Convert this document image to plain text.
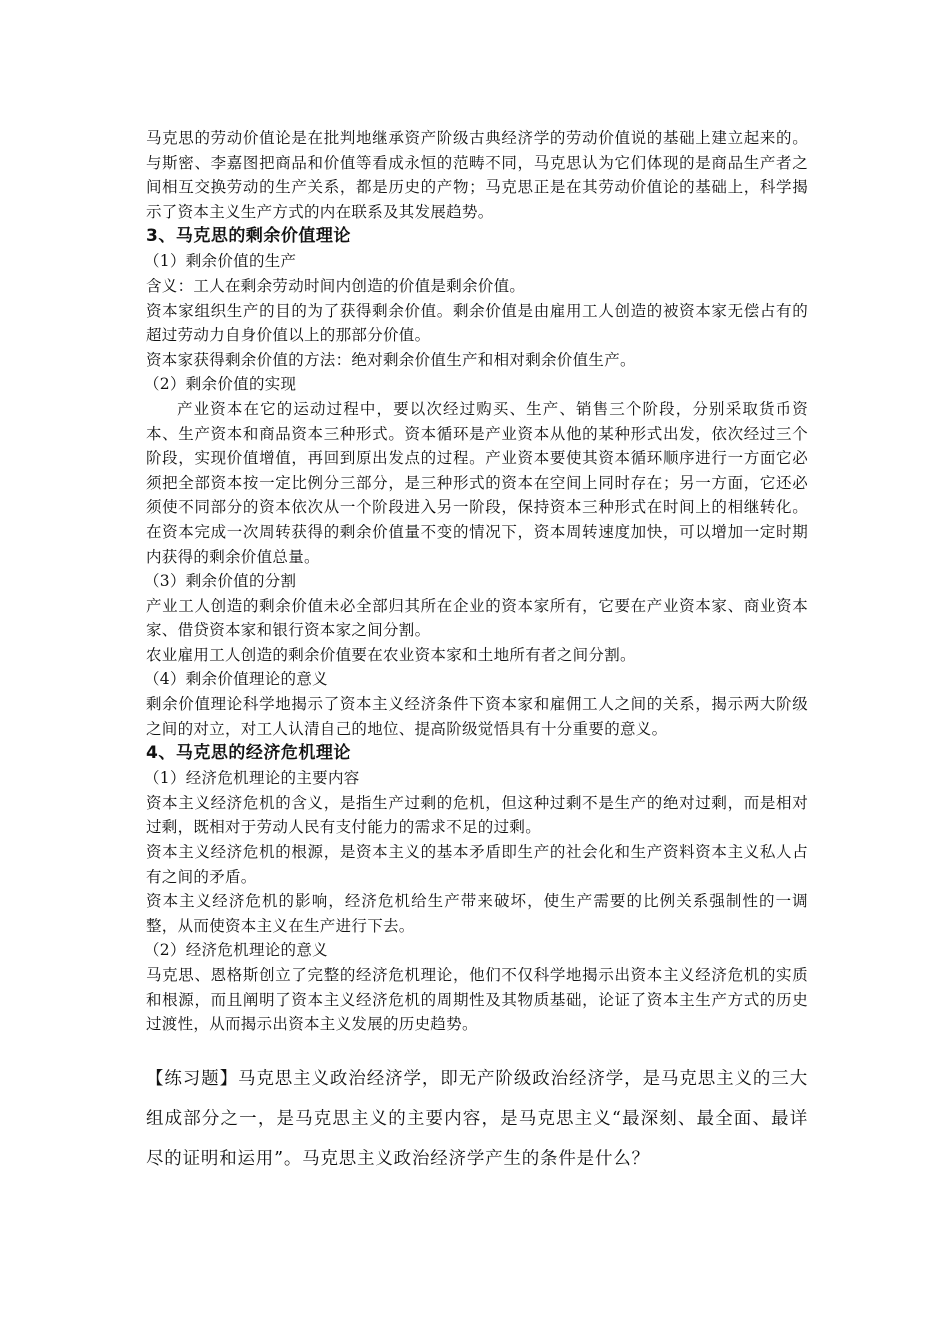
马克思的劳动价值论是在批判地继承资产阶级古典经济学的劳动价值说的基础上建立起来的。与斯密、李嘉图把商品和价值等看成永恒的范畴不同，马克思认为它们体现的是商品生产者之间相互交换劳动的生产关系，都是历史的产物；马克思正是在其劳动价值论的基础上，科学揭示了资本主义生产方式的内在联系及其发展趋势。

3、马克思的剩余价值理论

（1）剩余价值的生产

含义：工人在剩余劳动时间内创造的价值是剩余价值。

资本家组织生产的目的为了获得剩余价值。剩余价值是由雇用工人创造的被资本家无偿占有的超过劳动力自身价值以上的那部分价值。

资本家获得剩余价值的方法：绝对剩余价值生产和相对剩余价值生产。

（2）剩余价值的实现

产业资本在它的运动过程中，要以次经过购买、生产、销售三个阶段，分别采取货币资本、生产资本和商品资本三种形式。资本循环是产业资本从他的某种形式出发，依次经过三个阶段，实现价值增值，再回到原出发点的过程。产业资本要使其资本循环顺序进行一方面它必须把全部资本按一定比例分三部分，是三种形式的资本在空间上同时存在；另一方面，它还必须使不同部分的资本依次从一个阶段进入另一阶段，保持资本三种形式在时间上的相继转化。在资本完成一次周转获得的剩余价值量不变的情况下，资本周转速度加快，可以增加一定时期内获得的剩余价值总量。

（3）剩余价值的分割

产业工人创造的剩余价值未必全部归其所在企业的资本家所有，它要在产业资本家、商业资本家、借贷资本家和银行资本家之间分割。

农业雇用工人创造的剩余价值要在农业资本家和土地所有者之间分割。

（4）剩余价值理论的意义

剩余价值理论科学地揭示了资本主义经济条件下资本家和雇佣工人之间的关系，揭示两大阶级之间的对立，对工人认清自己的地位、提高阶级觉悟具有十分重要的意义。

4、马克思的经济危机理论

（1）经济危机理论的主要内容

资本主义经济危机的含义，是指生产过剩的危机，但这种过剩不是生产的绝对过剩，而是相对过剩，既相对于劳动人民有支付能力的需求不足的过剩。

资本主义经济危机的根源，是资本主义的基本矛盾即生产的社会化和生产资料资本主义私人占有之间的矛盾。

资本主义经济危机的影响，经济危机给生产带来破坏，使生产需要的比例关系强制性的一调整，从而使资本主义在生产进行下去。

（2）经济危机理论的意义

马克思、恩格斯创立了完整的经济危机理论，他们不仅科学地揭示出资本主义经济危机的实质和根源，而且阐明了资本主义经济危机的周期性及其物质基础，论证了资本主生产方式的历史过渡性，从而揭示出资本主义发展的历史趋势。

【练习题】马克思主义政治经济学，即无产阶级政治经济学，是马克思主义的三大组成部分之一，是马克思主义的主要内容，是马克思主义“最深刻、最全面、最详尽的证明和运用”。马克思主义政治经济学产生的条件是什么？
